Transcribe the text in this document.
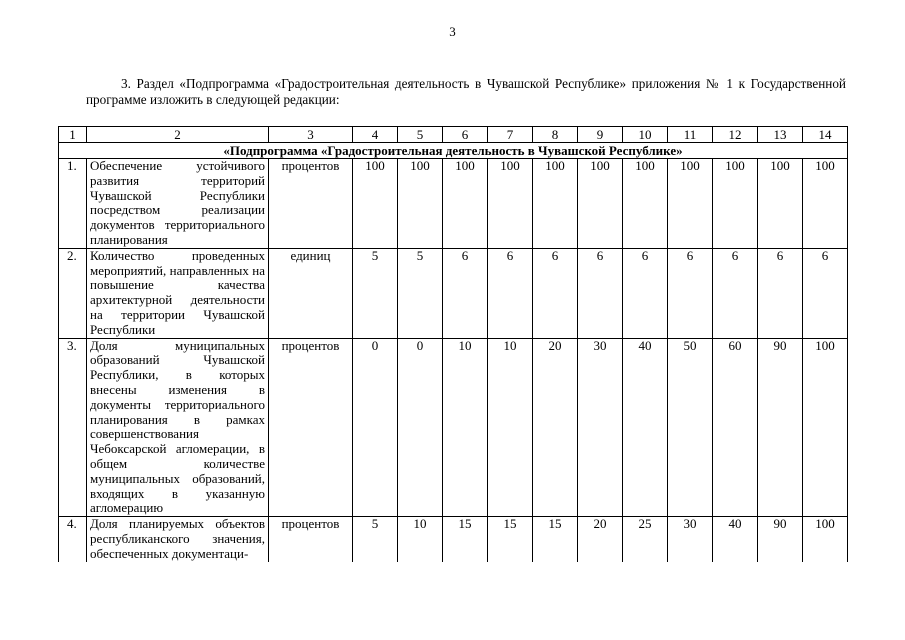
3
3. Раздел «Подпрограмма «Градостроительная деятельность в Чувашской Республике» приложения № 1 к Государственной программе изложить в следующей редакции:
1	2	3	4	5	6	7	8	9	10	11	12	13	14
«Подпрограмма «Градостроительная деятельность в Чувашской Республике»													
1.	Обеспечение устойчивого развития территорий Чувашской Республики посредством реализации документов территориального планирования	процентов	100	100	100	100	100	100	100	100	100	100	100
2.	Количество проведенных мероприятий, направленных на повышение качества архитектурной деятельности на территории Чувашской Республики	единиц	5	5	6	6	6	6	6	6	6	6	6
3.	Доля муниципальных образований Чувашской Республики, в которых внесены изменения в документы территориального планирования в рамках совершенствования Чебоксарской агломерации, в общем количестве муниципальных образований, входящих в указанную агломерацию	процентов	0	0	10	10	20	30	40	50	60	90	100
4.	Доля планируемых объектов республиканского значения, обеспеченных документаци-	процентов	5	10	15	15	15	20	25	30	40	90	100
